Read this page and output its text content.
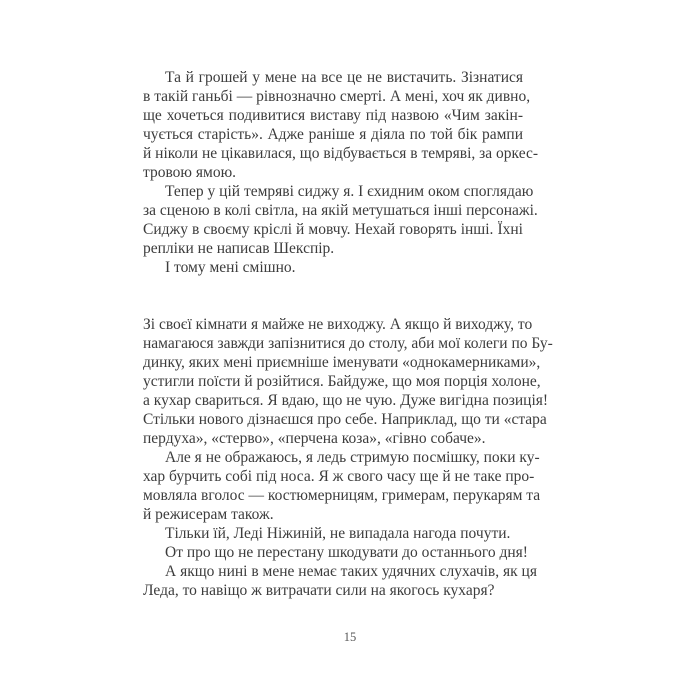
Та й грошей у мене на все це не вистачить. Зізнатися
в такій ганьбі — рівнозначно смерті. А мені, хоч як дивно,
ще хочеться подивитися виставу під назвою «Чим закін-
чується старість». Адже раніше я діяла по той бік рампи
й ніколи не цікавилася, що відбувається в темряві, за оркес-
тровою ямою.
Тепер у цій темряві сиджу я. І єхидним оком споглядаю
за сценою в колі світла, на якій метушаться інші персонажі.
Сиджу в своєму кріслі й мовчу. Нехай говорять інші. Їхні
репліки не написав Шекспір.
І тому мені смішно.
Зі своєї кімнати я майже не виходжу. А якщо й виходжу, то
намагаюся завжди запізнитися до столу, аби мої колеги по Бу-
динку, яких мені приємніше іменувати «однокамерниками»,
устигли поїсти й розійтися. Байдуже, що моя порція холоне,
а кухар свариться. Я вдаю, що не чую. Дуже вигідна позиція!
Стільки нового дізнаєшся про себе. Наприклад, що ти «стара
пердуха», «стерво», «перчена коза», «гівно собаче».
Але я не ображаюсь, я ледь стримую посмішку, поки ку-
хар бурчить собі під носа. Я ж свого часу ще й не таке про-
мовляла вголос — костюмерницям, гримерам, перукарям та
й режисерам також.
Тільки їй, Леді Ніжиній, не випадала нагода почути.
От про що не перестану шкодувати до останнього дня!
А якщо нині в мене немає таких удячних слухачів, як ця
Леда, то навіщо ж витрачати сили на якогось кухаря?
15
